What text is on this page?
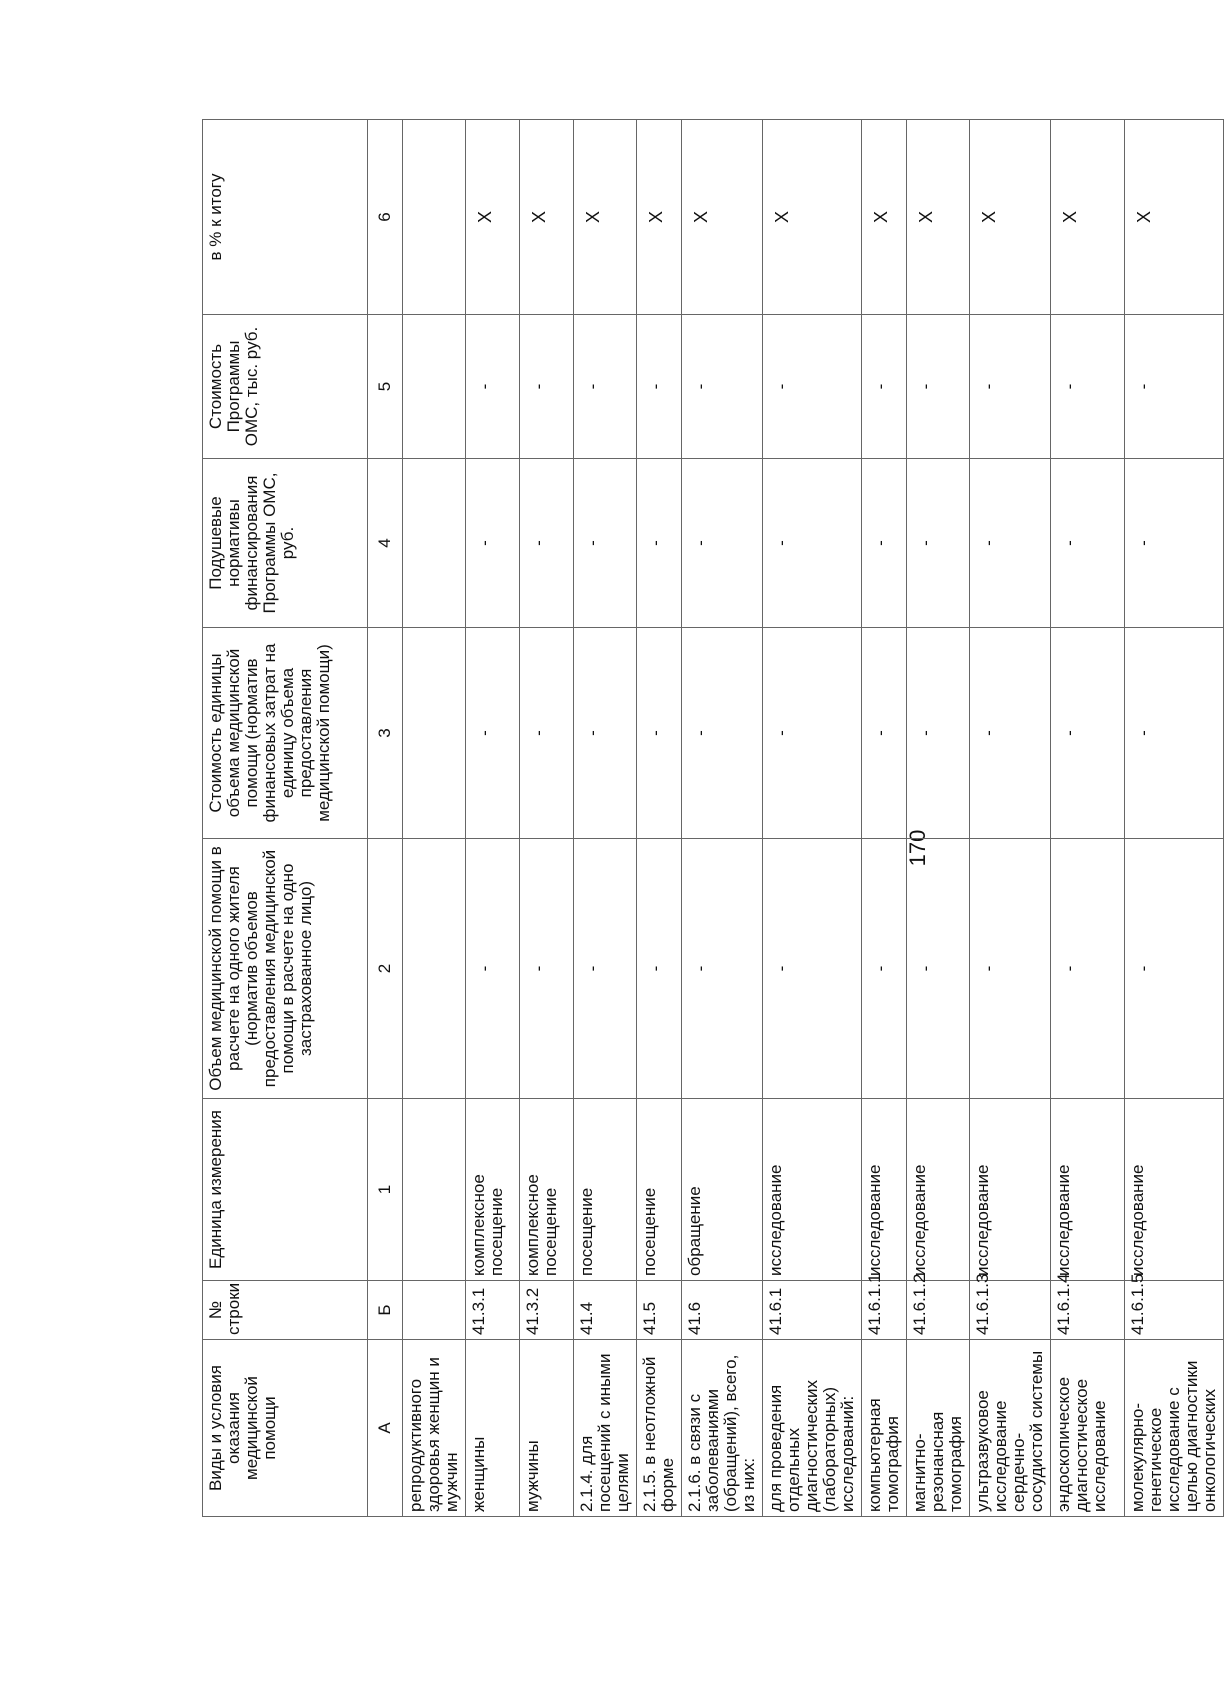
170
Виды и условия оказания медицинской помощи	№ строки	Единица измерения	Объем медицинской помощи в расчете на одного жителя (норматив объемов предоставления медицинской помощи в расчете на одно застрахованное лицо)	Стоимость единицы объема медицинской помощи (норматив финансовых затрат на единицу объема предоставления медицинской помощи)	Подушевые нормативы финансирования Программы ОМС, руб.	Стоимость Программы ОМС, тыс. руб.	в % к итогу
А	Б	1	2	3	4	5	6
репродуктивного здоровья женщин и мужчин							
женщины	41.3.1	комплексное посещение	-	-	-	-	X
мужчины	41.3.2	комплексное посещение	-	-	-	-	X
2.1.4. для посещений с иными целями	41.4	посещение	-	-	-	-	X
2.1.5. в неотложной форме	41.5	посещение	-	-	-	-	X
2.1.6. в связи с заболеваниями (обращений), всего, из них:	41.6	обращение	-	-	-	-	X
для проведения отдельных диагностических (лабораторных) исследований:	41.6.1	исследование	-	-	-	-	X
компьютерная томография	41.6.1.1	исследование	-	-	-	-	X
магнитно-резонансная томография	41.6.1.2	исследование	-	-	-	-	X
ультразвуковое исследование сердечно-сосудистой системы	41.6.1.3	исследование	-	-	-	-	X
эндоскопическое диагностическое исследование	41.6.1.4	исследование	-	-	-	-	X
молекулярно-генетическое исследование с целью диагностики онкологических	41.6.1.5	исследование	-	-	-	-	X
